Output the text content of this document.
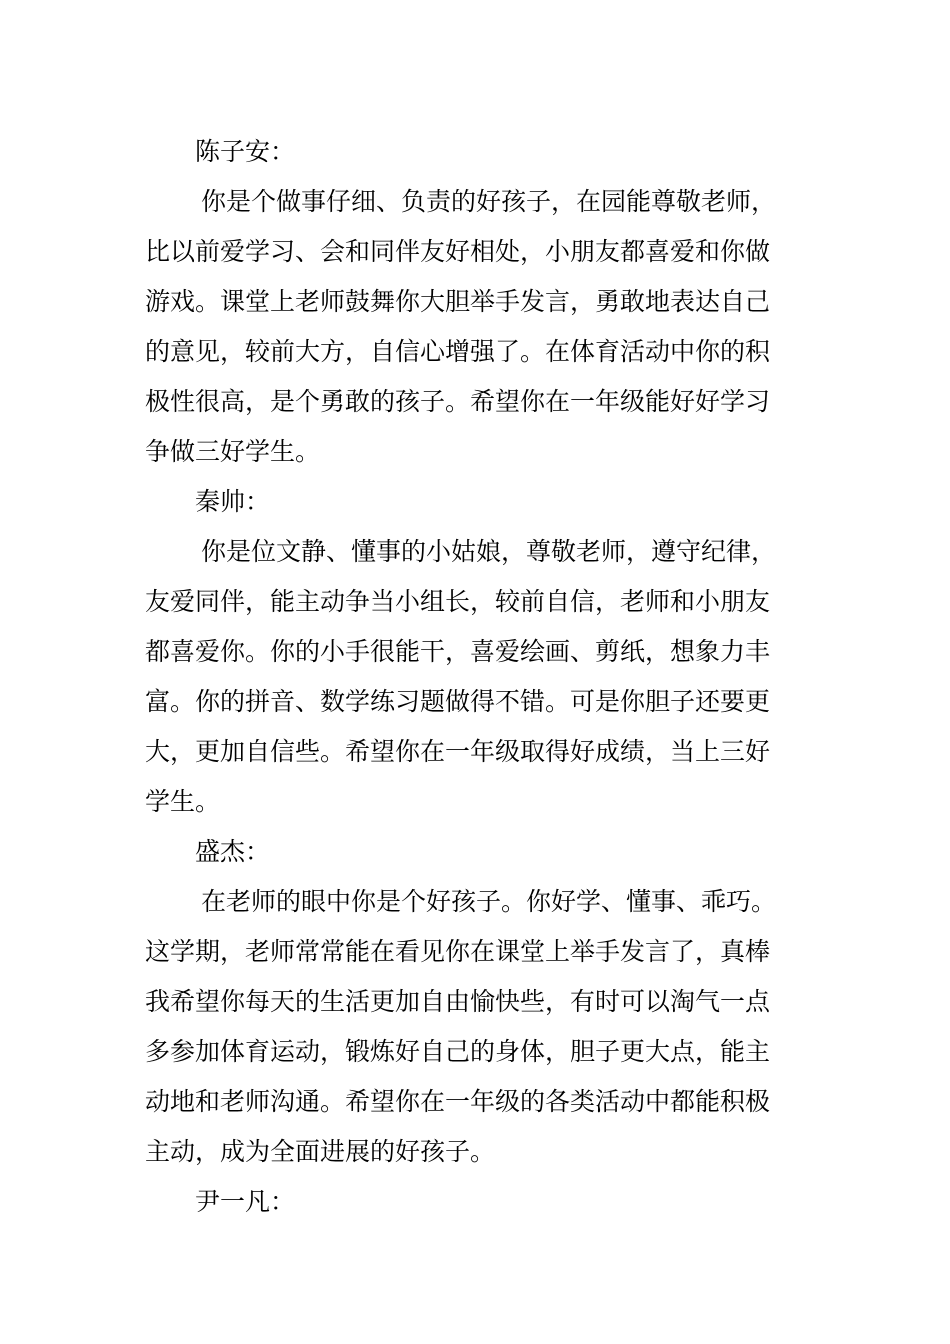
陈子安：

你是个做事仔细、负责的好孩子，在园能尊敬老师，
比以前爱学习、会和同伴友好相处，小朋友都喜爱和你做
游戏。课堂上老师鼓舞你大胆举手发言，勇敢地表达自己
的意见，较前大方，自信心增强了。在体育活动中你的积
极性很高，是个勇敢的孩子。希望你在一年级能好好学习
争做三好学生。

秦帅：

你是位文静、懂事的小姑娘，尊敬老师，遵守纪律，
友爱同伴，能主动争当小组长，较前自信，老师和小朋友
都喜爱你。你的小手很能干，喜爱绘画、剪纸，想象力丰
富。你的拼音、数学练习题做得不错。可是你胆子还要更
大，更加自信些。希望你在一年级取得好成绩，当上三好
学生。

盛杰：

在老师的眼中你是个好孩子。你好学、懂事、乖巧。
这学期，老师常常能在看见你在课堂上举手发言了，真棒
我希望你每天的生活更加自由愉快些，有时可以淘气一点
多参加体育运动，锻炼好自己的身体，胆子更大点，能主
动地和老师沟通。希望你在一年级的各类活动中都能积极
主动，成为全面进展的好孩子。

尹一凡：
